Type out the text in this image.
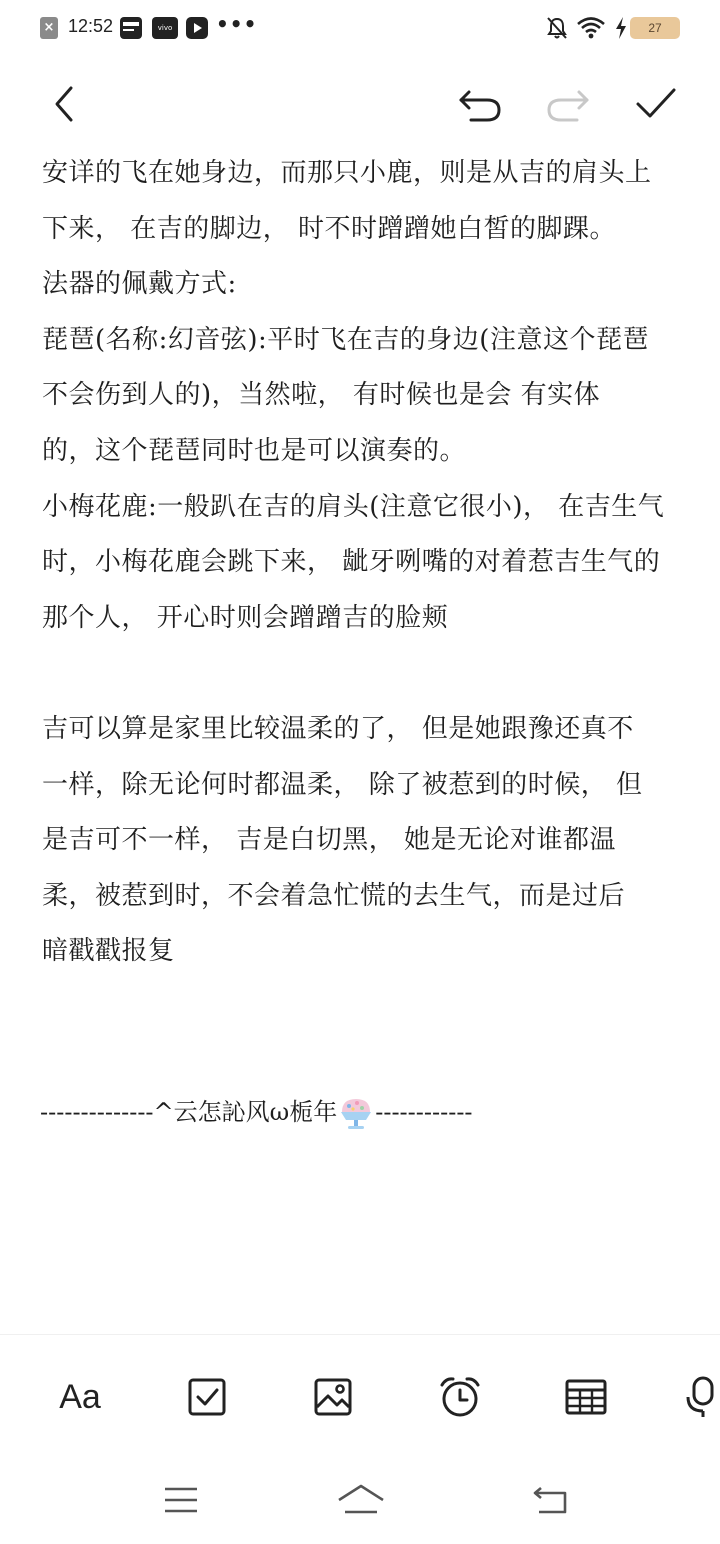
× 12:52	vivo •••	27
安详的飞在她身边，而那只小鹿，则是从吉的肩头上
下来， 在吉的脚边， 时不时蹭蹭她白皙的脚踝。
法器的佩戴方式:
琵琶(名称:幻音弦):平时飞在吉的身边(注意这个琵琶
不会伤到人的)，当然啦， 有时候也是会 有实体
的，这个琵琶同时也是可以演奏的。
小梅花鹿:一般趴在吉的肩头(注意它很小)， 在吉生气
时，小梅花鹿会跳下来， 龇牙咧嘴的对着惹吉生气的
那个人， 开心时则会蹭蹭吉的脸颊
吉可以算是家里比较温柔的了， 但是她跟豫还真不
一样，除无论何时都温柔， 除了被惹到的时候， 但
是吉可不一样， 吉是白切黑， 她是无论对谁都温
柔，被惹到时，不会着急忙慌的去生气，而是过后
暗戳戳报复
--------------^云怎訫风ω栀年 ------------
Aa
